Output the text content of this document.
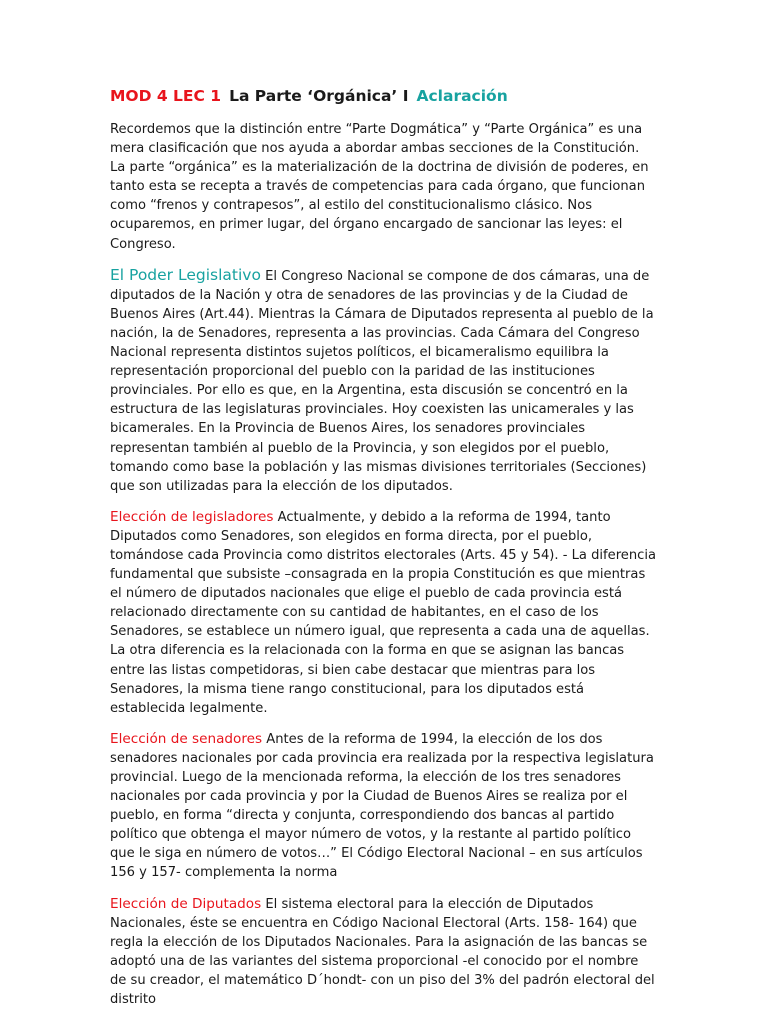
MOD 4 LEC 1 La Parte ‘Orgánica’ I Aclaración

Recordemos que la distinción entre “Parte Dogmática” y “Parte Orgánica” es una mera clasificación que nos ayuda a abordar ambas secciones de la Constitución. La parte “orgánica” es la materialización de la doctrina de división de poderes, en tanto esta se recepta a través de competencias para cada órgano, que funcionan como “frenos y contrapesos”, al estilo del constitucionalismo clásico. Nos ocuparemos, en primer lugar, del órgano encargado de sancionar las leyes: el Congreso.

El Poder Legislativo El Congreso Nacional se compone de dos cámaras, una de diputados de la Nación y otra de senadores de las provincias y de la Ciudad de Buenos Aires (Art.44). Mientras la Cámara de Diputados representa al pueblo de la nación, la de Senadores, representa a las provincias. Cada Cámara del Congreso Nacional representa distintos sujetos políticos, el bicameralismo equilibra la representación proporcional del pueblo con la paridad de las instituciones provinciales. Por ello es que, en la Argentina, esta discusión se concentró en la estructura de las legislaturas provinciales. Hoy coexisten las unicamerales y las bicamerales. En la Provincia de Buenos Aires, los senadores provinciales representan también al pueblo de la Provincia, y son elegidos por el pueblo, tomando como base la población y las mismas divisiones territoriales (Secciones) que son utilizadas para la elección de los diputados.

Elección de legisladores Actualmente, y debido a la reforma de 1994, tanto Diputados como Senadores, son elegidos en forma directa, por el pueblo, tomándose cada Provincia como distritos electorales (Arts. 45 y 54). - La diferencia fundamental que subsiste –consagrada en la propia Constitución es que mientras el número de diputados nacionales que elige el pueblo de cada provincia está relacionado directamente con su cantidad de habitantes, en el caso de los Senadores, se establece un número igual, que representa a cada una de aquellas. La otra diferencia es la relacionada con la forma en que se asignan las bancas entre las listas competidoras, si bien cabe destacar que mientras para los Senadores, la misma tiene rango constitucional, para los diputados está establecida legalmente.

Elección de senadores Antes de la reforma de 1994, la elección de los dos senadores nacionales por cada provincia era realizada por la respectiva legislatura provincial. Luego de la mencionada reforma, la elección de los tres senadores nacionales por cada provincia y por la Ciudad de Buenos Aires se realiza por el pueblo, en forma “directa y conjunta, correspondiendo dos bancas al partido político que obtenga el mayor número de votos, y la restante al partido político que le siga en número de votos…” El Código Electoral Nacional – en sus artículos 156 y 157- complementa la norma

Elección de Diputados El sistema electoral para la elección de Diputados Nacionales, éste se encuentra en Código Nacional Electoral (Arts. 158- 164) que regla la elección de los Diputados Nacionales. Para la asignación de las bancas se adoptó una de las variantes del sistema proporcional -el conocido por el nombre de su creador, el matemático D´hondt- con un piso del 3% del padrón electoral del distrito
